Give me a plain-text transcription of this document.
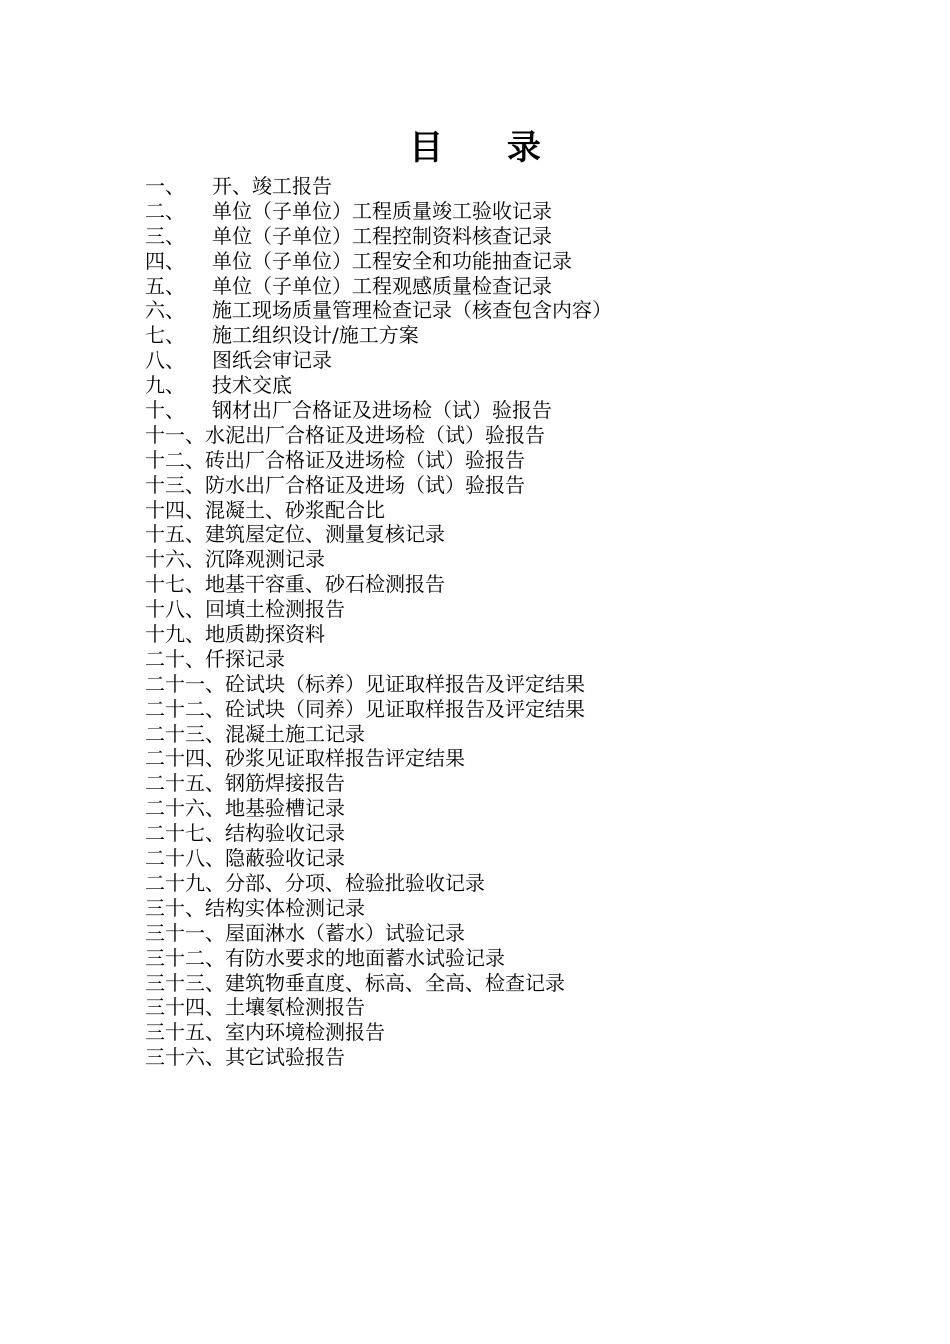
目 录
一、	开、竣工报告
二、	单位（子单位）工程质量竣工验收记录
三、	单位（子单位）工程控制资料核查记录
四、	单位（子单位）工程安全和功能抽查记录
五、	单位（子单位）工程观感质量检查记录
六、	施工现场质量管理检查记录（核查包含内容）
七、	施工组织设计/施工方案
八、	图纸会审记录
九、	技术交底
十、	钢材出厂合格证及进场检（试）验报告
十一、 水泥出厂合格证及进场检（试）验报告
十二、 砖出厂合格证及进场检（试）验报告
十三、 防水出厂合格证及进场（试）验报告
十四、 混凝土、砂浆配合比
十五、 建筑屋定位、测量复核记录
十六、 沉降观测记录
十七、 地基干容重、砂石检测报告
十八、 回填土检测报告
十九、 地质勘探资料
二十、 仟探记录
二十一、 砼试块（标养）见证取样报告及评定结果
二十二、 砼试块（同养）见证取样报告及评定结果
二十三、 混凝土施工记录
二十四、 砂浆见证取样报告评定结果
二十五、 钢筋焊接报告
二十六、 地基验槽记录
二十七、 结构验收记录
二十八、 隐蔽验收记录
二十九、 分部、分项、检验批验收记录
三十、 结构实体检测记录
三十一、 屋面淋水（蓄水）试验记录
三十二、 有防水要求的地面蓄水试验记录
三十三、 建筑物垂直度、标高、全高、检查记录
三十四、 土壤氡检测报告
三十五、 室内环境检测报告
三十六、 其它试验报告
